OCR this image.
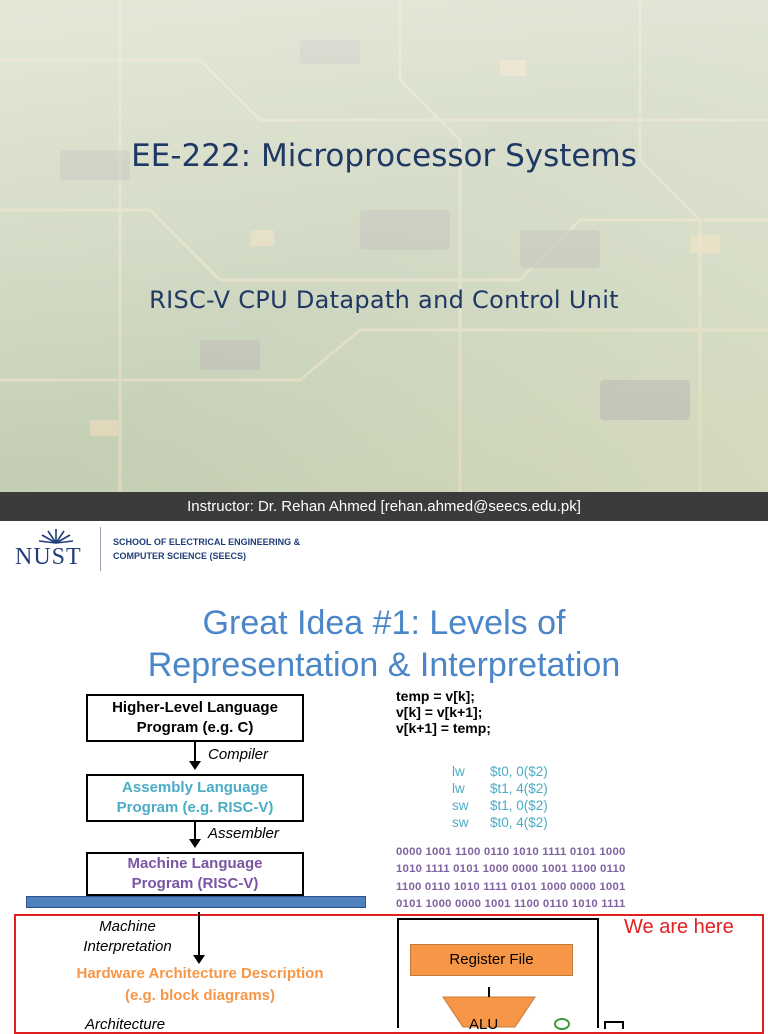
EE-222: Microprocessor Systems
RISC-V CPU Datapath and Control Unit
Instructor: Dr. Rehan Ahmed [rehan.ahmed@seecs.edu.pk]
NUST
SCHOOL OF ELECTRICAL ENGINEERING &
COMPUTER SCIENCE (SEECS)
Great Idea #1: Levels of
Representation & Interpretation
Higher-Level Language
Program (e.g. C)
Compiler
Assembly Language
Program (e.g. RISC-V)
Assembler
Machine Language
Program (RISC-V)
temp = v[k];
v[k] = v[k+1];
v[k+1] = temp;
lw $t0, 0($2)
lw $t1, 4($2)
sw $t1, 0($2)
sw $t0, 4($2)
0000 1001 1100 0110 1010 1111 0101 1000
1010 1111 0101 1000 0000 1001 1100 0110
1100 0110 1010 1111 0101 1000 0000 1001
0101 1000 0000 1001 1100 0110 1010 1111
We are here
Machine
Interpretation
Hardware Architecture Description
(e.g. block diagrams)
Architecture
Register File
ALU
